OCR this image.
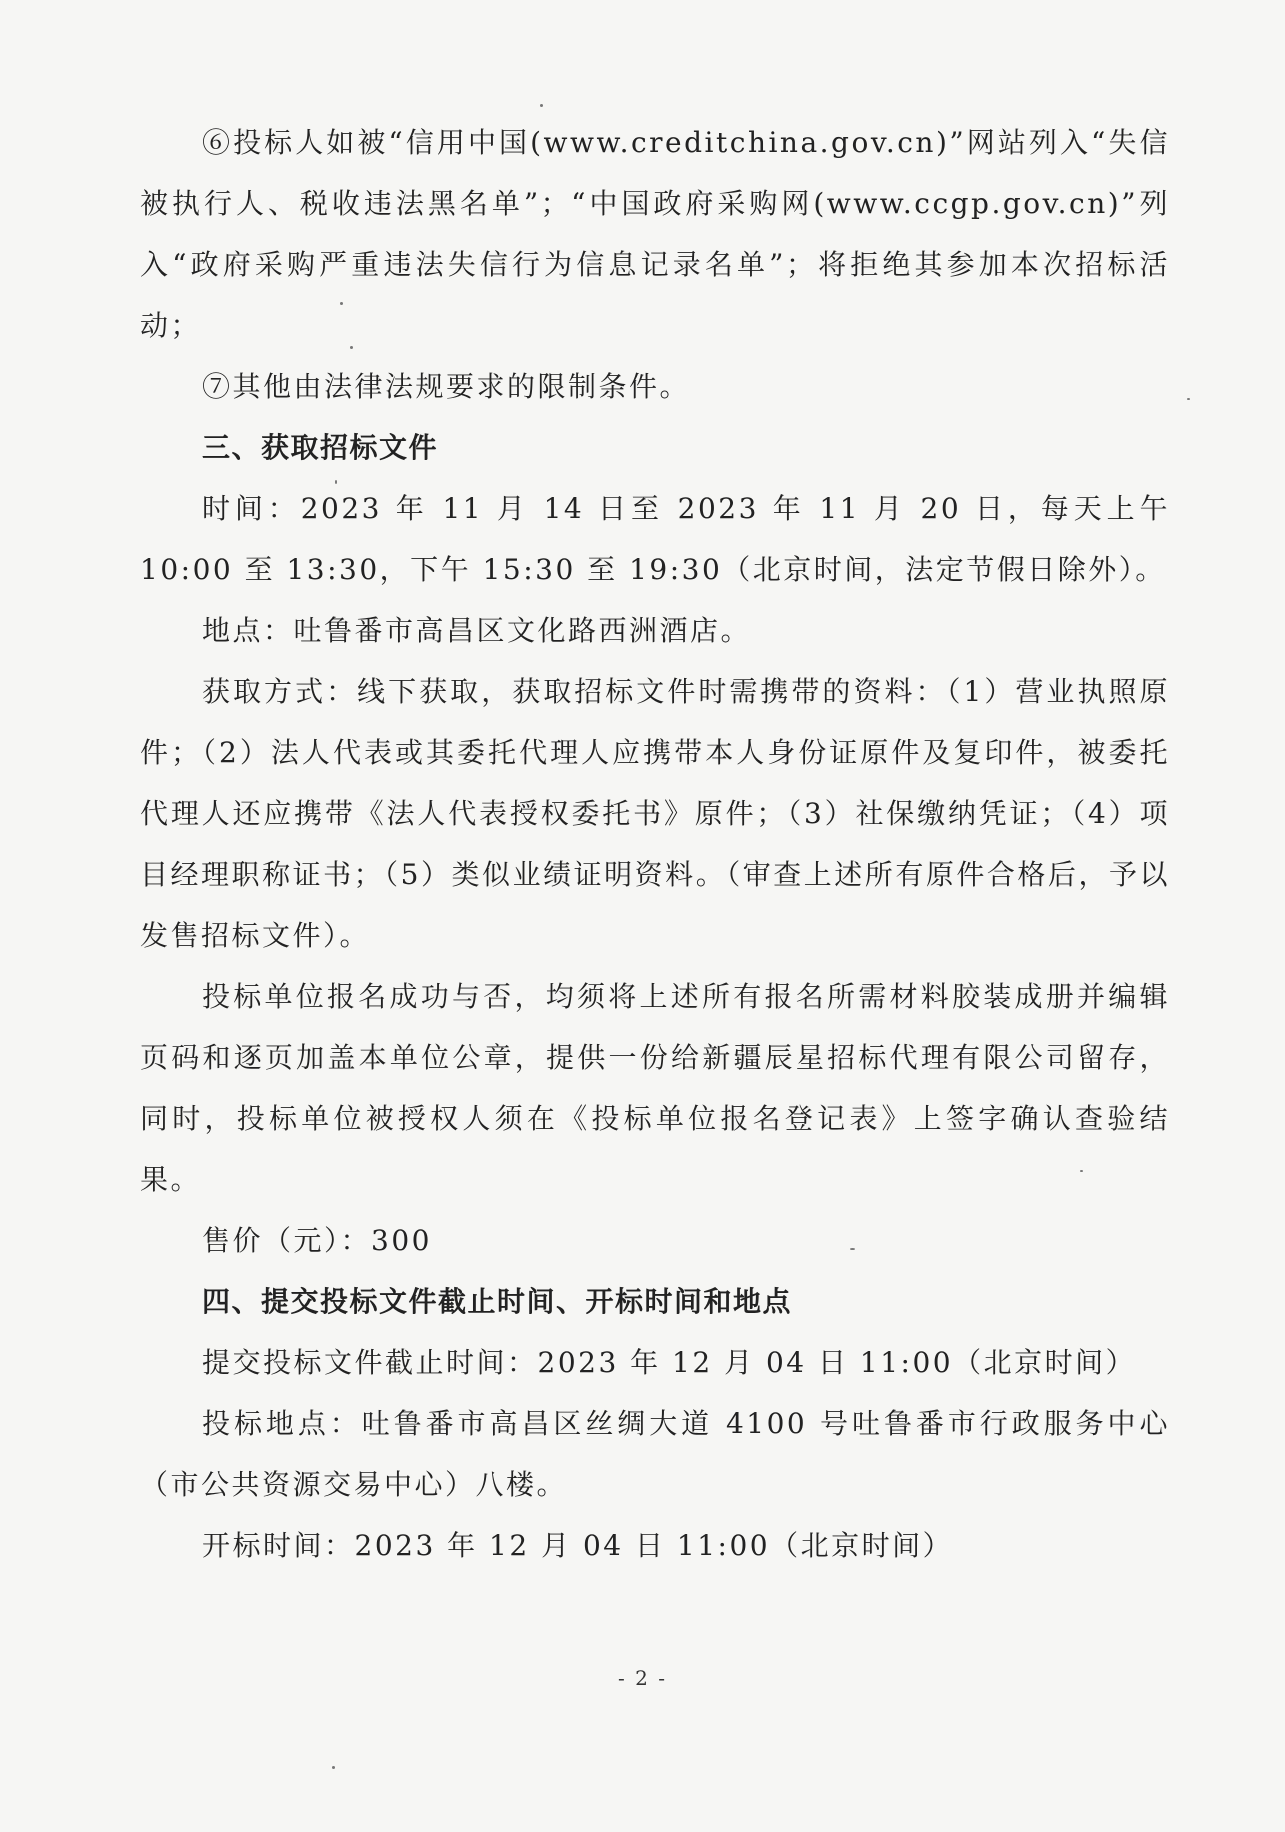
⑥投标人如被“信用中国(www.creditchina.gov.cn)”网站列入“失信被执行人、税收违法黑名单”；“中国政府采购网(www.ccgp.gov.cn)”列入“政府采购严重违法失信行为信息记录名单”；将拒绝其参加本次招标活动；

⑦其他由法律法规要求的限制条件。

三、获取招标文件

时间：2023 年 11 月 14 日至 2023 年 11 月 20 日，每天上午 10:00 至 13:30，下午 15:30 至 19:30（北京时间，法定节假日除外）。

地点：吐鲁番市高昌区文化路西洲酒店。

获取方式：线下获取，获取招标文件时需携带的资料：（1）营业执照原件；（2）法人代表或其委托代理人应携带本人身份证原件及复印件，被委托代理人还应携带《法人代表授权委托书》原件；（3）社保缴纳凭证；（4）项目经理职称证书；（5）类似业绩证明资料。（审查上述所有原件合格后，予以发售招标文件）。

投标单位报名成功与否，均须将上述所有报名所需材料胶装成册并编辑页码和逐页加盖本单位公章，提供一份给新疆辰星招标代理有限公司留存，同时，投标单位被授权人须在《投标单位报名登记表》上签字确认查验结果。

售价（元）：300

四、提交投标文件截止时间、开标时间和地点

提交投标文件截止时间：2023 年 12 月 04 日 11:00（北京时间）

投标地点：吐鲁番市高昌区丝绸大道 4100 号吐鲁番市行政服务中心（市公共资源交易中心）八楼。

开标时间：2023 年 12 月 04 日 11:00（北京时间）

- 2 -
